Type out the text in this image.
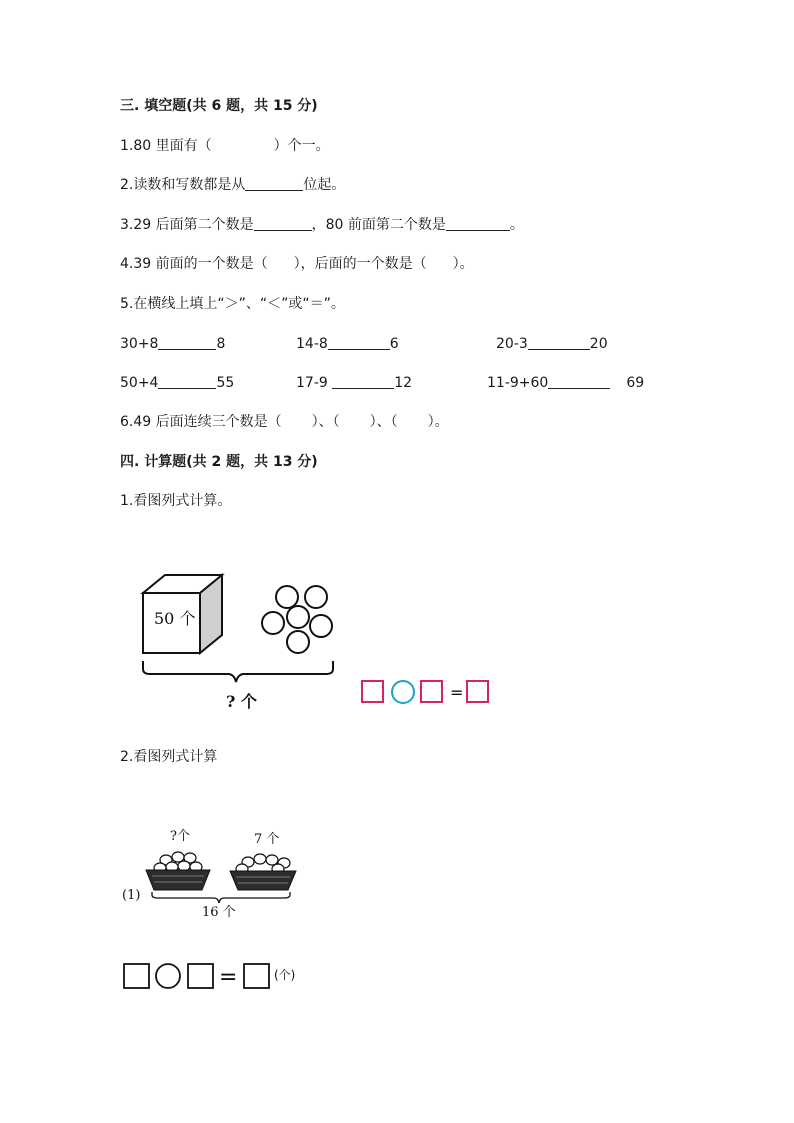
三. 填空题(共 6 题，共 15 分)
1.80 里面有（	）个一。
2.读数和写数都是从	位起。
3.29 后面第二个数是	，80 前面第二个数是	。
4.39 前面的一个数是（ ），后面的一个数是（ ）。
5.在横线上填上“＞”、“＜”或“＝”。
30+8	8	14-8	6	20-3	20
50+4	55	17-9	12	11-9+60	69
6.49 后面连续三个数是（ ）、（ ）、（ ）。
四. 计算题(共 2 题，共 13 分)
1.看图列式计算。
50 个
? 个	=
2.看图列式计算
?个	7 个
(1)
16 个
=	(个)
